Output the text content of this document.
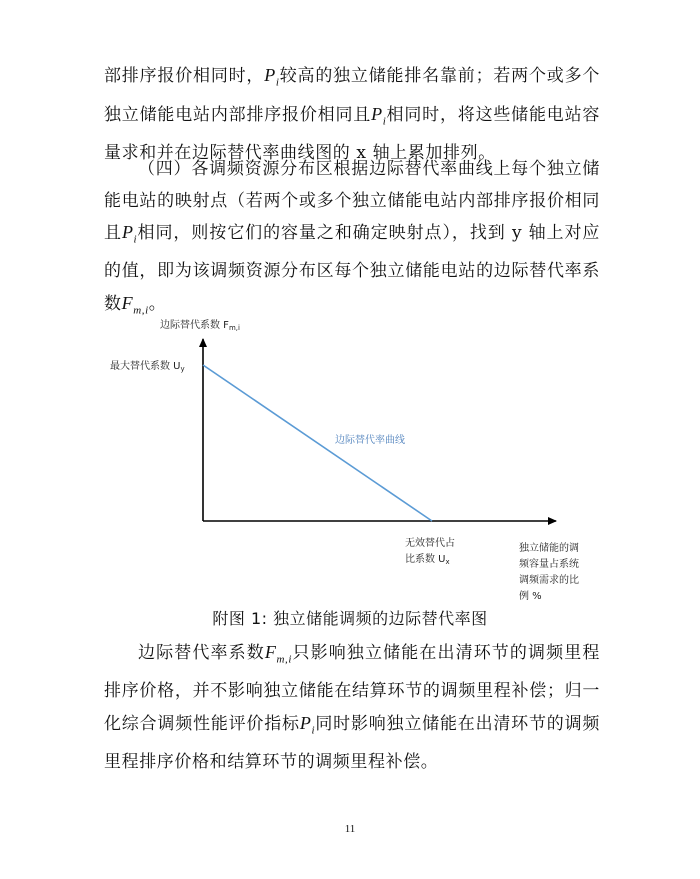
部排序报价相同时，$P_i$较高的独立储能排名靠前；若两个或多个独立储能电站内部排序报价相同且$P_i$相同时，将这些储能电站容量求和并在边际替代率曲线图的 x 轴上累加排列。

（四）各调频资源分布区根据边际替代率曲线上每个独立储能电站的映射点（若两个或多个独立储能电站内部排序报价相同且$P_i$相同，则按它们的容量之和确定映射点），找到 y 轴上对应的值，即为该调频资源分布区每个独立储能电站的边际替代率系数$F_{m,i}$。

边际替代系数 $F_{m,i}$
最大替代系数 $U_y$
边际替代率曲线
无效替代占
比系数 $U_x$
独立储能的调
频容量占系统
调频需求的比
例 %
附图 1: 独立储能调频的边际替代率图

边际替代率系数$F_{m,i}$只影响独立储能在出清环节的调频里程排序价格，并不影响独立储能在结算环节的调频里程补偿；归一化综合调频性能评价指标$P_i$同时影响独立储能在出清环节的调频里程排序价格和结算环节的调频里程补偿。

11
